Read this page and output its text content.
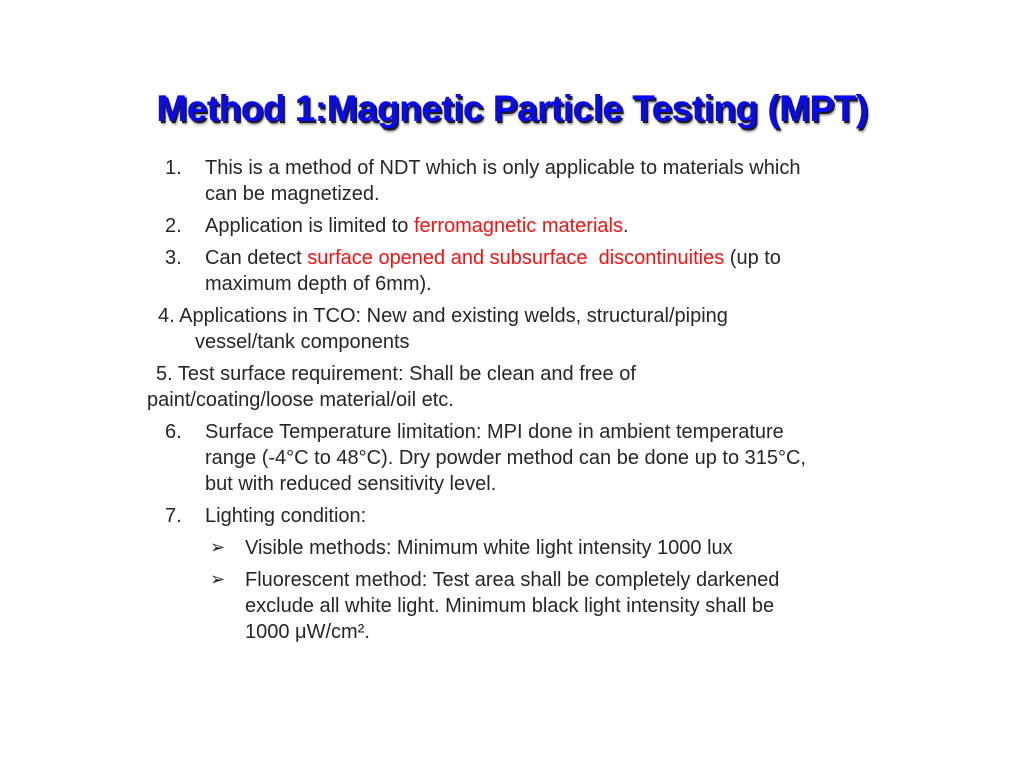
Method 1:Magnetic Particle Testing (MPT)
1.	This is a method of NDT which is only applicable to materials which
can be magnetized.
2.	Application is limited to ferromagnetic materials.
3.	Can detect surface opened and subsurface  discontinuities (up to
maximum depth of 6mm).
4. Applications in TCO: New and existing welds, structural/piping
vessel/tank components
5. Test surface requirement: Shall be clean and free of
paint/coating/loose material/oil etc.
6.	Surface Temperature limitation: MPI done in ambient temperature
range (-4°C to 48°C). Dry powder method can be done up to 315°C,
but with reduced sensitivity level.
7.	Lighting condition:
➢ Visible methods: Minimum white light intensity 1000 lux
➢ Fluorescent method: Test area shall be completely darkened
exclude all white light. Minimum black light intensity shall be
1000 μW/cm².
